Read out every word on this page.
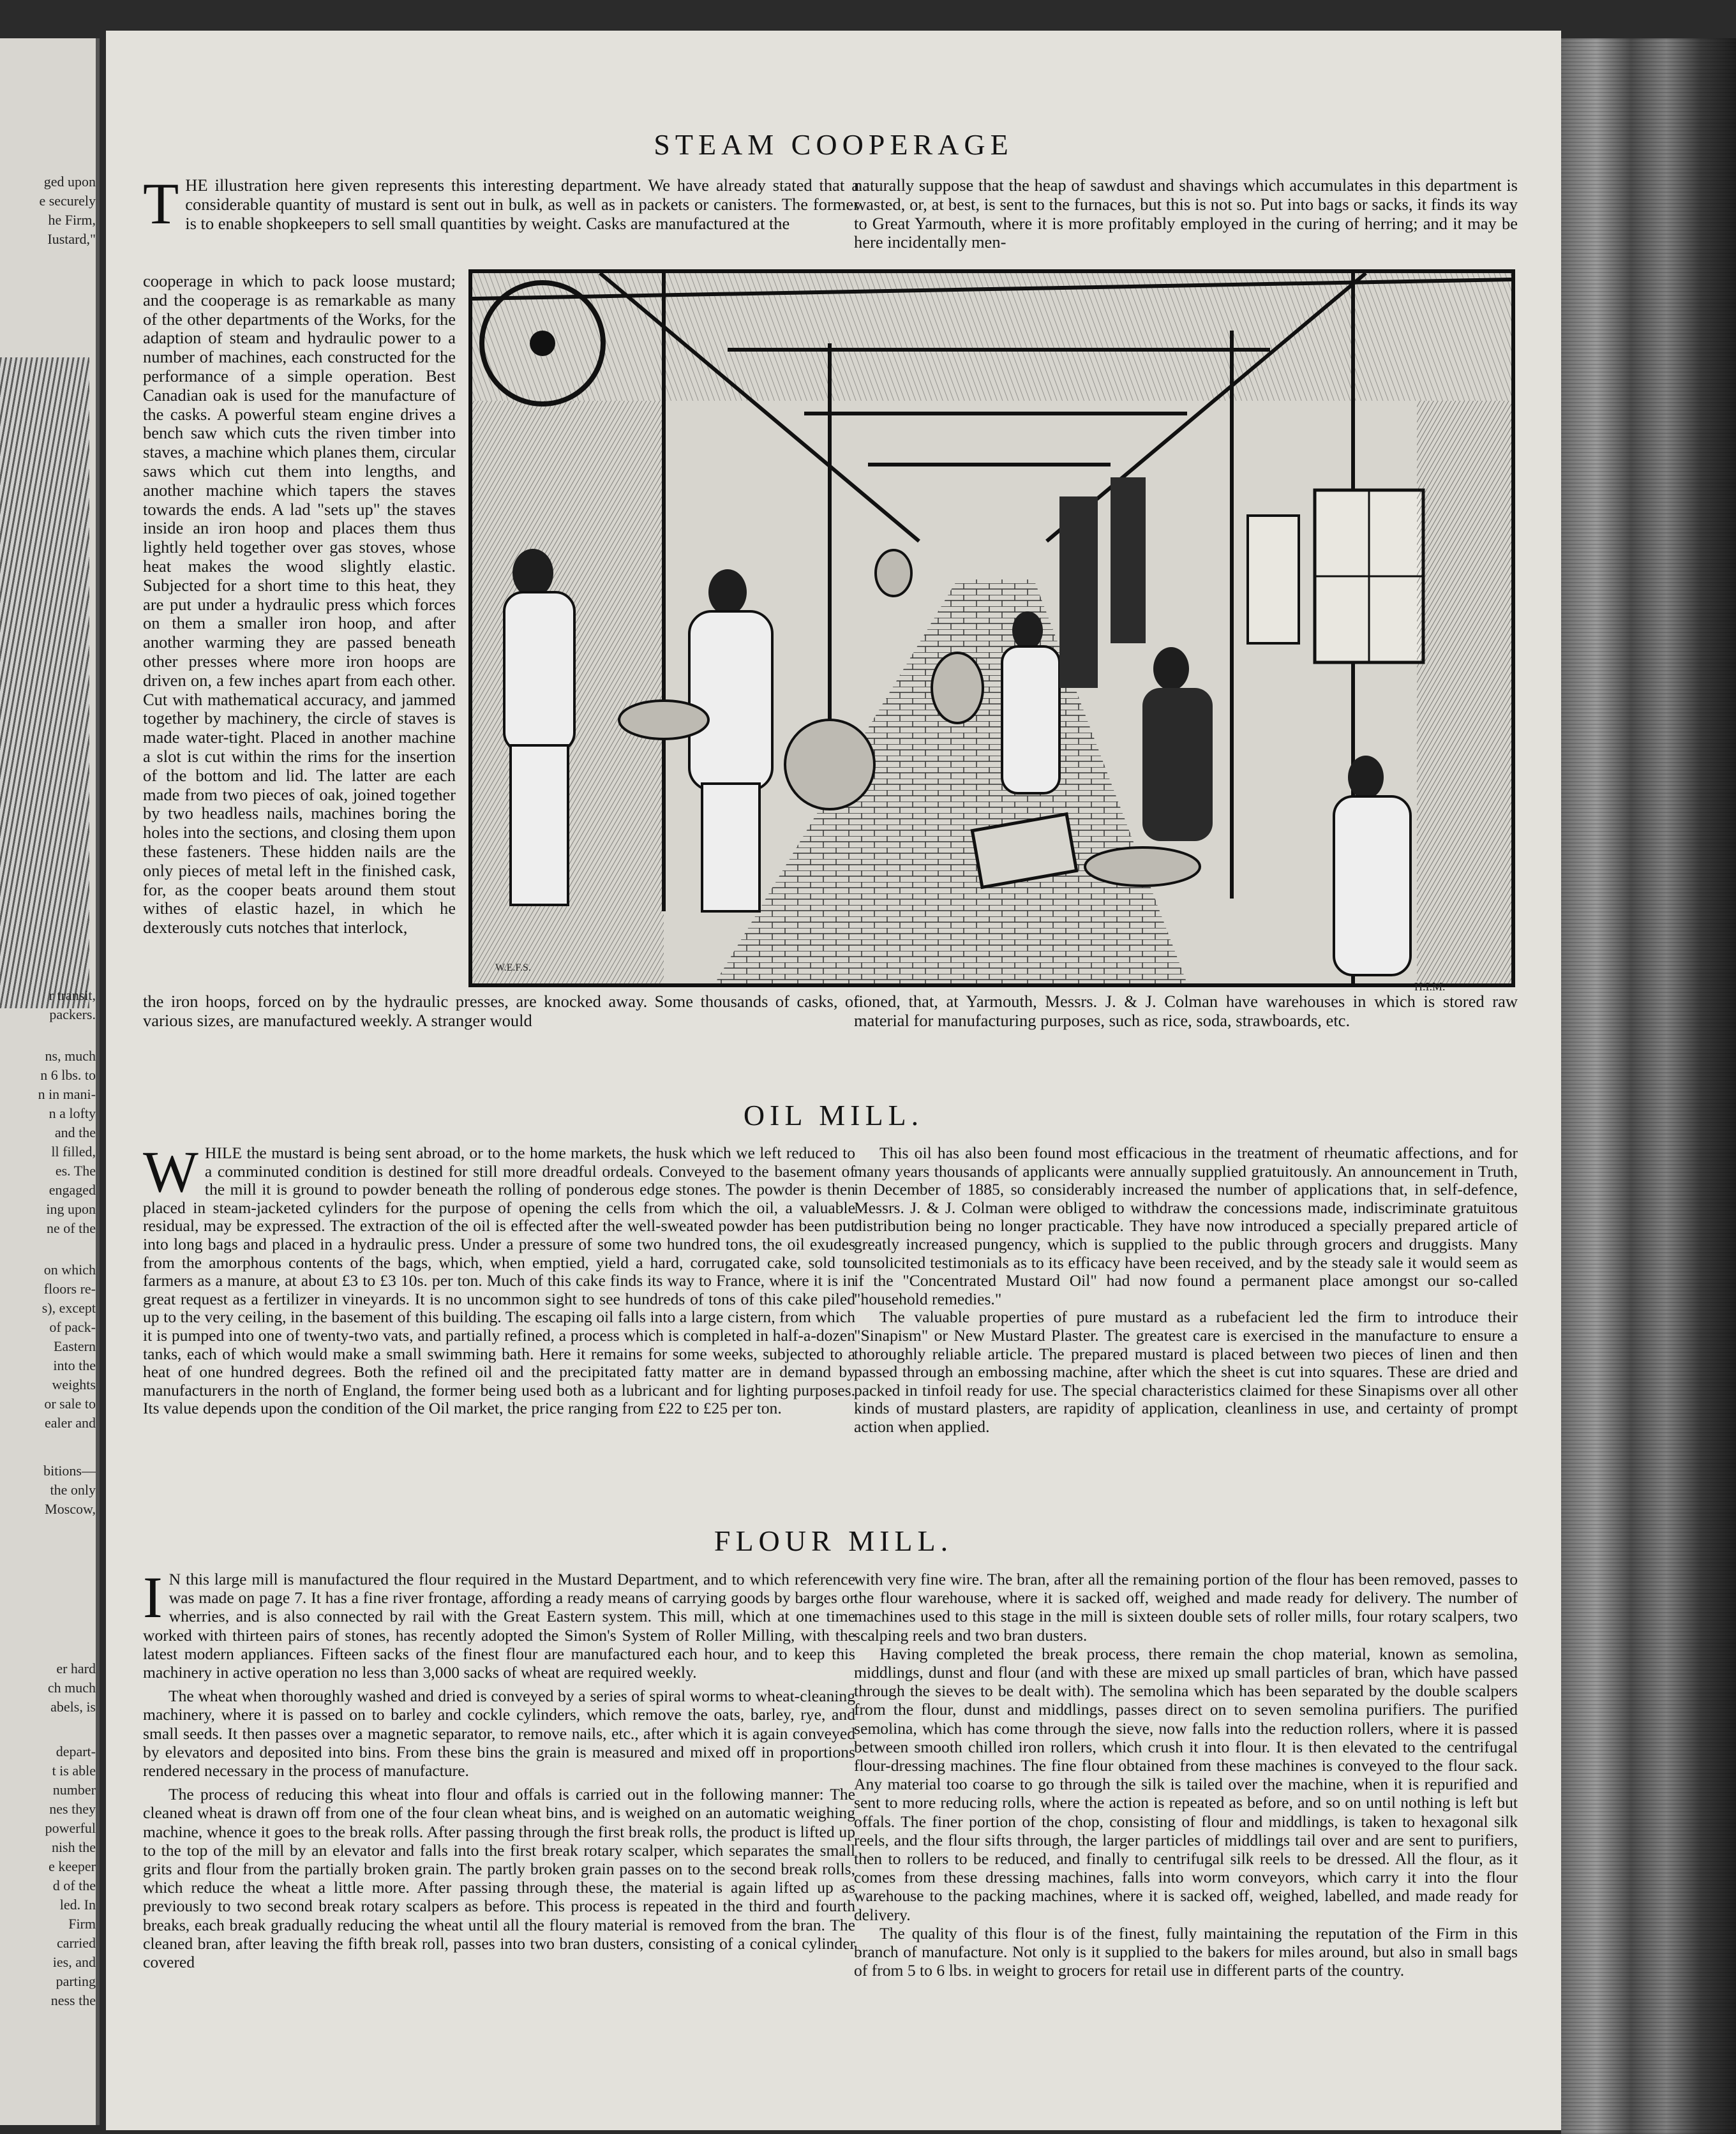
ged upon
e securely
he Firm,
Iustard,"
r transit,
packers.
ns, much
n 6 lbs. to
n in mani-
n a lofty
and the
ll filled,
es. The
engaged
ing upon
ne of the
on which
floors re-
s), except
of pack-
Eastern
into the
weights
or sale to
ealer and
bitions—
the only
Moscow,
er hard
ch much
abels, is
depart-
t is able
number
nes they
powerful
nish the
e keeper
d of the
led. In
Firm
carried
ies, and
parting
ness the
STEAM COOPERAGE
THE illustration here given represents this interesting department. We have already stated that a considerable quantity of mustard is sent out in bulk, as well as in packets or canisters. The former is to enable shopkeepers to sell small quantities by weight. Casks are manufactured at the
cooperage in which to pack loose mustard; and the cooperage is as remarkable as many of the other departments of the Works, for the adaption of steam and hydraulic power to a number of machines, each constructed for the performance of a simple operation. Best Canadian oak is used for the manufacture of the casks. A powerful steam engine drives a bench saw which cuts the riven timber into staves, a machine which planes them, circular saws which cut them into lengths, and another machine which tapers the staves towards the ends. A lad "sets up" the staves inside an iron hoop and places them thus lightly held together over gas stoves, whose heat makes the wood slightly elastic. Subjected for a short time to this heat, they are put under a hydraulic press which forces on them a smaller iron hoop, and after another warming they are passed beneath other presses where more iron hoops are driven on, a few inches apart from each other. Cut with mathematical accuracy, and jammed together by machinery, the circle of staves is made water-tight. Placed in another machine a slot is cut within the rims for the insertion of the bottom and lid. The latter are each made from two pieces of oak, joined together by two headless nails, machines boring the holes into the sections, and closing them upon these fasteners. These hidden nails are the only pieces of metal left in the finished cask, for, as the cooper beats around them stout withes of elastic hazel, in which he dexterously cuts notches that interlock,
the iron hoops, forced on by the hydraulic presses, are knocked away. Some thousands of casks, of various sizes, are manufactured weekly. A stranger would
naturally suppose that the heap of sawdust and shavings which accumulates in this department is wasted, or, at best, is sent to the furnaces, but this is not so. Put into bags or sacks, it finds its way to Great Yarmouth, where it is more profitably employed in the curing of herring; and it may be here incidentally men-
tioned, that, at Yarmouth, Messrs. J. & J. Colman have warehouses in which is stored raw material for manufacturing purposes, such as rice, soda, strawboards, etc.
W.E.F.S.
H.I.M.
OIL MILL.
WHILE the mustard is being sent abroad, or to the home markets, the husk which we left reduced to a comminuted condition is destined for still more dreadful ordeals. Conveyed to the basement of the mill it is ground to powder beneath the rolling of ponderous edge stones. The powder is then placed in steam-jacketed cylinders for the purpose of opening the cells from which the oil, a valuable residual, may be expressed. The extraction of the oil is effected after the well-sweated powder has been put into long bags and placed in a hydraulic press. Under a pressure of some two hundred tons, the oil exudes from the amorphous contents of the bags, which, when emptied, yield a hard, corrugated cake, sold to farmers as a manure, at about £3 to £3 10s. per ton. Much of this cake finds its way to France, where it is in great request as a fertilizer in vineyards. It is no uncommon sight to see hundreds of tons of this cake piled up to the very ceiling, in the basement of this building. The escaping oil falls into a large cistern, from which it is pumped into one of twenty-two vats, and partially refined, a process which is completed in half-a-dozen tanks, each of which would make a small swimming bath. Here it remains for some weeks, subjected to a heat of one hundred degrees. Both the refined oil and the precipitated fatty matter are in demand by manufacturers in the north of England, the former being used both as a lubricant and for lighting purposes. Its value depends upon the condition of the Oil market, the price ranging from £22 to £25 per ton.

This oil has also been found most efficacious in the treatment of rheumatic affections, and for many years thousands of applicants were annually supplied gratuitously. An announcement in Truth, in December of 1885, so considerably increased the number of applications that, in self-defence, Messrs. J. & J. Colman were obliged to withdraw the concessions made, indiscriminate gratuitous distribution being no longer practicable. They have now introduced a specially prepared article of greatly increased pungency, which is supplied to the public through grocers and druggists. Many unsolicited testimonials as to its efficacy have been received, and by the steady sale it would seem as if the "Concentrated Mustard Oil" had now found a permanent place amongst our so-called "household remedies."

The valuable properties of pure mustard as a rubefacient led the firm to introduce their "Sinapism" or New Mustard Plaster. The greatest care is exercised in the manufacture to ensure a thoroughly reliable article. The prepared mustard is placed between two pieces of linen and then passed through an embossing machine, after which the sheet is cut into squares. These are dried and packed in tinfoil ready for use. The special characteristics claimed for these Sinapisms over all other kinds of mustard plasters, are rapidity of application, cleanliness in use, and certainty of prompt action when applied.

FLOUR MILL.

I N this large mill is manufactured the flour required in the Mustard Department, and to which reference was made on page 7. It has a fine river frontage, affording a ready means of carrying goods by barges or wherries, and is also connected by rail with the Great Eastern system. This mill, which at one time worked with thirteen pairs of stones, has recently adopted the Simon's System of Roller Milling, with the latest modern appliances. Fifteen sacks of the finest flour are manufactured each hour, and to keep this machinery in active operation no less than 3,000 sacks of wheat are required weekly.

The wheat when thoroughly washed and dried is conveyed by a series of spiral worms to wheat-cleaning machinery, where it is passed on to barley and cockle cylinders, which remove the oats, barley, rye, and small seeds. It then passes over a magnetic separator, to remove nails, etc., after which it is again conveyed by elevators and deposited into bins. From these bins the grain is measured and mixed off in proportions rendered necessary in the process of manufacture.

The process of reducing this wheat into flour and offals is carried out in the following manner: The cleaned wheat is drawn off from one of the four clean wheat bins, and is weighed on an automatic weighing machine, whence it goes to the break rolls. After passing through the first break rolls, the product is lifted up to the top of the mill by an elevator and falls into the first break rotary scalper, which separates the small grits and flour from the partially broken grain. The partly broken grain passes on to the second break rolls, which reduce the wheat a little more. After passing through these, the material is again lifted up as previously to two second break rotary scalpers as before. This process is repeated in the third and fourth breaks, each break gradually reducing the wheat until all the floury material is removed from the bran. The cleaned bran, after leaving the fifth break roll, passes into two bran dusters, consisting of a conical cylinder covered

with very fine wire. The bran, after all the remaining portion of the flour has been removed, passes to the flour warehouse, where it is sacked off, weighed and made ready for delivery. The number of machines used to this stage in the mill is sixteen double sets of roller mills, four rotary scalpers, two scalping reels and two bran dusters.

Having completed the break process, there remain the chop material, known as semolina, middlings, dunst and flour (and with these are mixed up small particles of bran, which have passed through the sieves to be dealt with). The semolina which has been separated by the double scalpers from the flour, dunst and middlings, passes direct on to seven semolina purifiers. The purified semolina, which has come through the sieve, now falls into the reduction rollers, where it is passed between smooth chilled iron rollers, which crush it into flour. It is then elevated to the centrifugal flour-dressing machines. The fine flour obtained from these machines is conveyed to the flour sack. Any material too coarse to go through the silk is tailed over the machine, when it is repurified and sent to more reducing rolls, where the action is repeated as before, and so on until nothing is left but offals. The finer portion of the chop, consisting of flour and middlings, is taken to hexagonal silk reels, and the flour sifts through, the larger particles of middlings tail over and are sent to purifiers, then to rollers to be reduced, and finally to centrifugal silk reels to be dressed. All the flour, as it comes from these dressing machines, falls into worm conveyors, which carry it into the flour warehouse to the packing machines, where it is sacked off, weighed, labelled, and made ready for delivery.

The quality of this flour is of the finest, fully maintaining the reputation of the Firm in this branch of manufacture. Not only is it supplied to the bakers for miles around, but also in small bags of from 5 to 6 lbs. in weight to grocers for retail use in different parts of the country.
